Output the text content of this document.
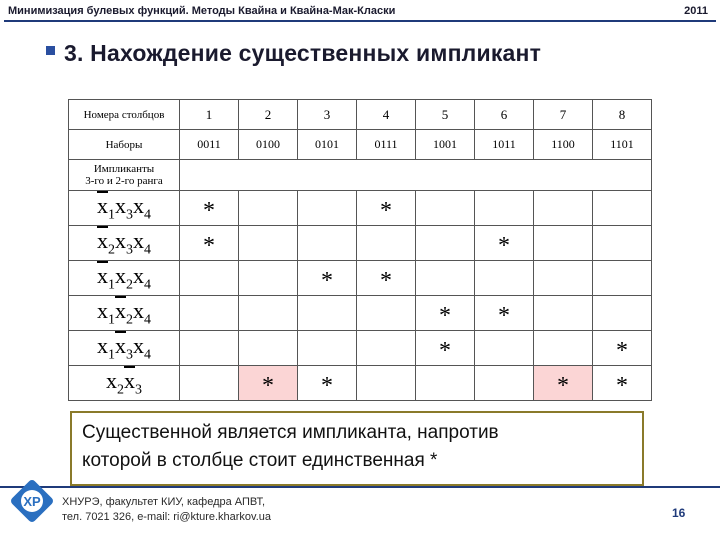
Минимизация булевых функций. Методы Квайна и Квайна-Мак-Класки	2011
3. Нахождение существенных импликант
Номера столбцов	1	2	3	4	5	6	7	8
Наборы	0011	0100	0101	0111	1001	1011	1100	1101

Импликанты
3-го и 2-го ранга								

$\overline{x}_1x_3x_4$	*			*				
$\overline{x}_2x_3x_4$	*					*		
$\overline{x}_1x_2x_4$			*	*				
$x_1\overline{x}_2x_4$					*	*		
$x_1\overline{x}_3x_4$					*			*
$x_2\overline{x}_3$		*	*				*	*
Существенной является импликанта, напротив
которой в столбце стоит единственная *
ХР ХНУРЭ, факультет КИУ, кафедра АПВТ,
тел. 7021 326, e-mail: ri@kture.kharkov.ua	16
